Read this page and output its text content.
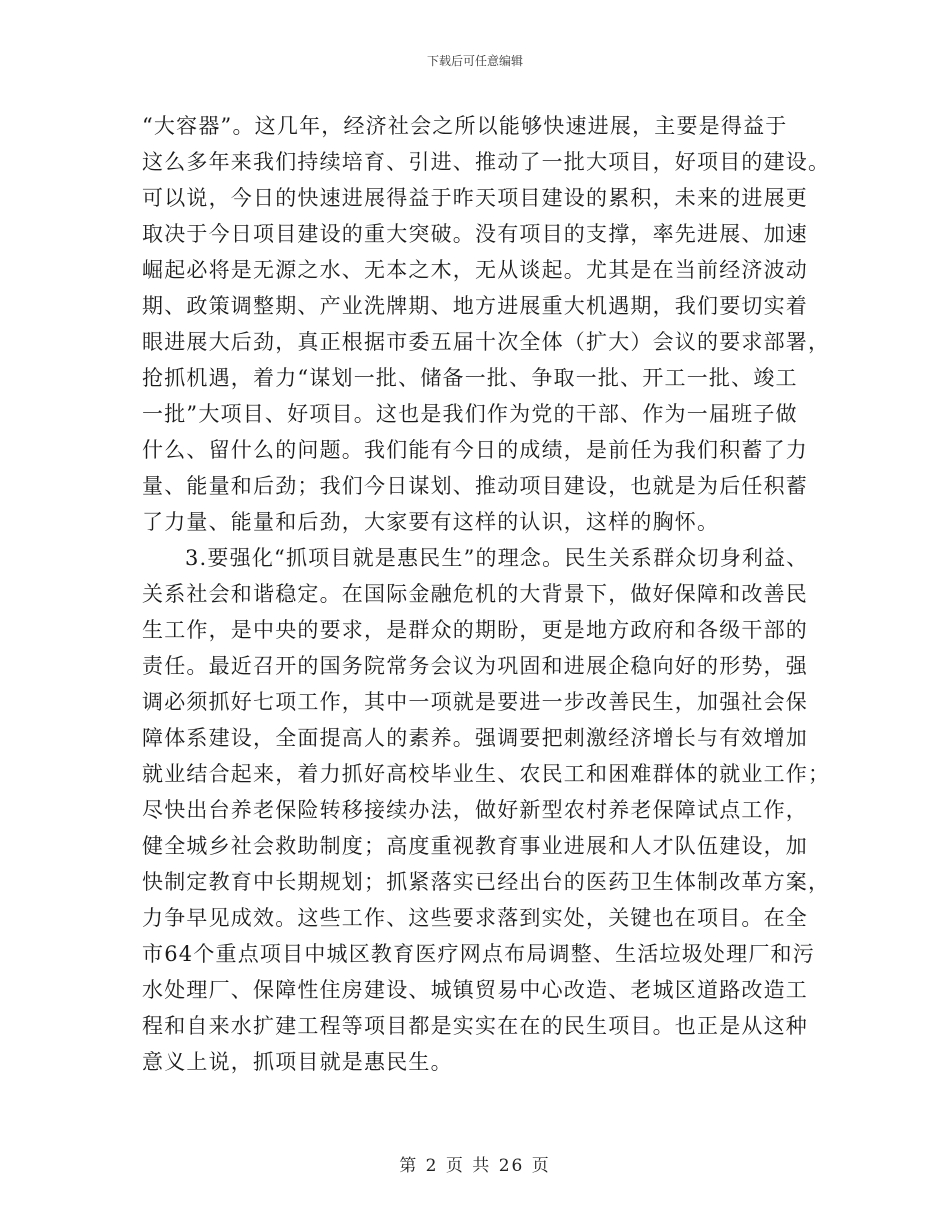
下载后可任意编辑
“大容器”。这几年，经济社会之所以能够快速进展，主要是得益于
这么多年来我们持续培育、引进、推动了一批大项目，好项目的建设。
可以说，今日的快速进展得益于昨天项目建设的累积，未来的进展更
取决于今日项目建设的重大突破。没有项目的支撑，率先进展、加速
崛起必将是无源之水、无本之木，无从谈起。尤其是在当前经济波动
期、政策调整期、产业洗牌期、地方进展重大机遇期，我们要切实着
眼进展大后劲，真正根据市委五届十次全体（扩大）会议的要求部署，
抢抓机遇，着力“谋划一批、储备一批、争取一批、开工一批、竣工
一批”大项目、好项目。这也是我们作为党的干部、作为一届班子做
什么、留什么的问题。我们能有今日的成绩，是前任为我们积蓄了力
量、能量和后劲；我们今日谋划、推动项目建设，也就是为后任积蓄
了力量、能量和后劲，大家要有这样的认识，这样的胸怀。
3.要强化“抓项目就是惠民生”的理念。民生关系群众切身利益、
关系社会和谐稳定。在国际金融危机的大背景下，做好保障和改善民
生工作，是中央的要求，是群众的期盼，更是地方政府和各级干部的
责任。最近召开的国务院常务会议为巩固和进展企稳向好的形势，强
调必须抓好七项工作，其中一项就是要进一步改善民生，加强社会保
障体系建设，全面提高人的素养。强调要把刺激经济增长与有效增加
就业结合起来，着力抓好高校毕业生、农民工和困难群体的就业工作；
尽快出台养老保险转移接续办法，做好新型农村养老保障试点工作，
健全城乡社会救助制度；高度重视教育事业进展和人才队伍建设，加
快制定教育中长期规划；抓紧落实已经出台的医药卫生体制改革方案，
力争早见成效。这些工作、这些要求落到实处，关键也在项目。在全
市64个重点项目中城区教育医疗网点布局调整、生活垃圾处理厂和污
水处理厂、保障性住房建设、城镇贸易中心改造、老城区道路改造工
程和自来水扩建工程等项目都是实实在在的民生项目。也正是从这种
意义上说，抓项目就是惠民生。
第 2 页 共 26 页
